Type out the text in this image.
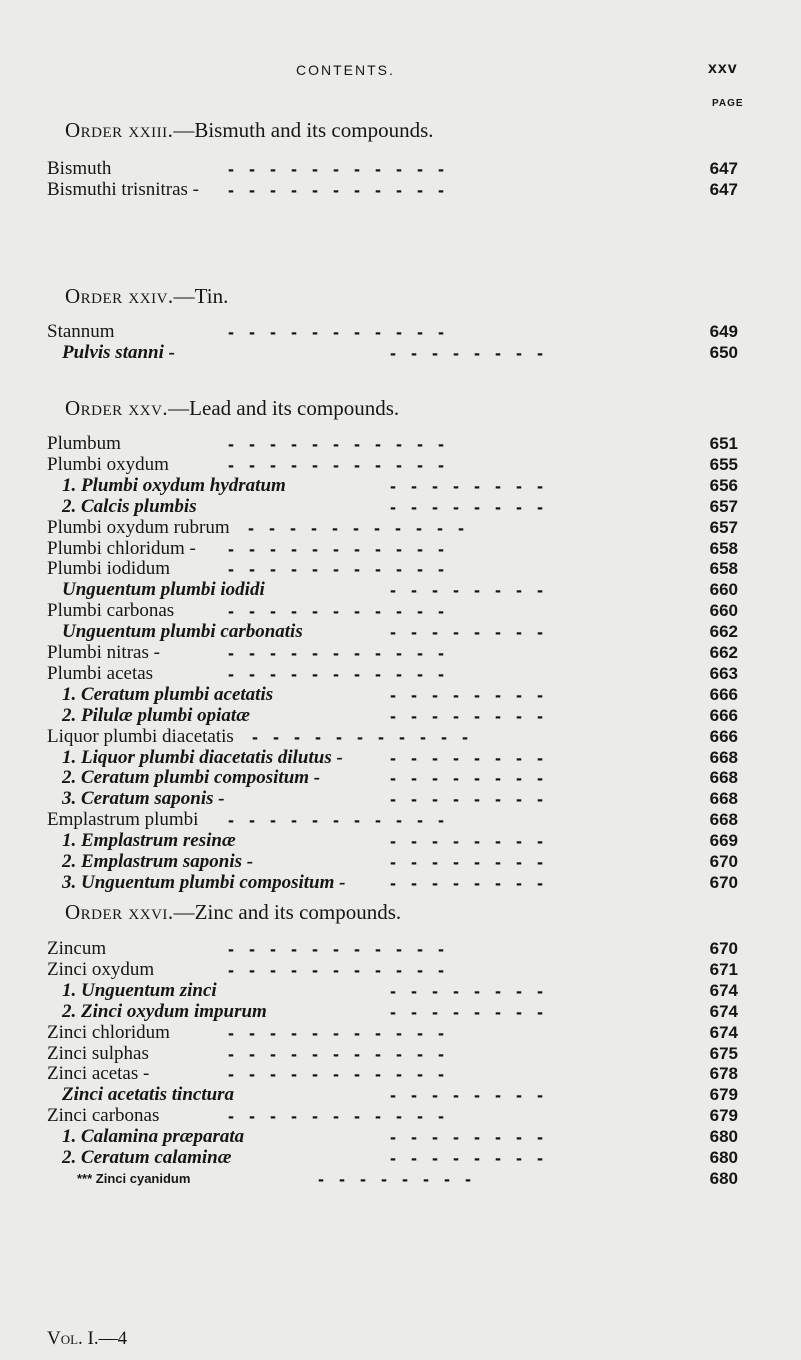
CONTENTS.	xxv
PAGE
Order xxiii.—Bismuth and its compounds.
Bismuth	-   -   -   -   -   -   -   -   -   -   -	647
Bismuthi trisnitras - -   -   -   -   -   -   -   -   -   -   -	647
Order xxiv.—Tin.
Stannum	-   -   -   -   -   -   -   -   -   -   -	649
Pulvis stanni -	-   -   -   -   -   -   -   -	650
Order xxv.—Lead and its compounds.
Plumbum	-   -   -   -   -   -   -   -   -   -   -	651
Plumbi oxydum	-   -   -   -   -   -   -   -   -   -   -	655
1. Plumbi oxydum hydratum	-   -   -   -   -   -   -   -	656
2. Calcis plumbis	-   -   -   -   -   -   -   -	657
Plumbi oxydum rubrum -   -   -   -   -   -   -   -   -   -   -	657
Plumbi chloridum - -   -   -   -   -   -   -   -   -   -   -	658
Plumbi iodidum	-   -   -   -   -   -   -   -   -   -   -	658
Unguentum plumbi iodidi	-   -   -   -   -   -   -   -	660
Plumbi carbonas	-   -   -   -   -   -   -   -   -   -   -	660
Unguentum plumbi carbonatis	-   -   -   -   -   -   -   -	662
Plumbi nitras -	-   -   -   -   -   -   -   -   -   -   -	662
Plumbi acetas	-   -   -   -   -   -   -   -   -   -   -	663
1. Ceratum plumbi acetatis	-   -   -   -   -   -   -   -	666
2. Pilulæ plumbi opiatæ	-   -   -   -   -   -   -   -	666
Liquor plumbi diacetatis -   -   -   -   -   -   -   -   -   -   -	666
1. Liquor plumbi diacetatis dilutus -	-   -   -   -   -   -   -   -	668
2. Ceratum plumbi compositum -	-   -   -   -   -   -   -   -	668
3. Ceratum saponis -	-   -   -   -   -   -   -   -	668
Emplastrum plumbi -   -   -   -   -   -   -   -   -   -   -	668
1. Emplastrum resinæ	-   -   -   -   -   -   -   -	669
2. Emplastrum saponis -	-   -   -   -   -   -   -   -	670
3. Unguentum plumbi compositum - -   -   -   -   -   -   -   -	670
Order xxvi.—Zinc and its compounds.
Zincum	-   -   -   -   -   -   -   -   -   -   -	670
Zinci oxydum	-   -   -   -   -   -   -   -   -   -   -	671
1. Unguentum zinci	-   -   -   -   -   -   -   -	674
2. Zinci oxydum impurum	-   -   -   -   -   -   -   -	674
Zinci chloridum	-   -   -   -   -   -   -   -   -   -   -	674
Zinci sulphas	-   -   -   -   -   -   -   -   -   -   -	675
Zinci acetas -	-   -   -   -   -   -   -   -   -   -   -	678
Zinci acetatis tinctura	-   -   -   -   -   -   -   -	679
Zinci carbonas	-   -   -   -   -   -   -   -   -   -   -	679
1. Calamina præparata	-   -   -   -   -   -   -   -	680
2. Ceratum calaminæ	-   -   -   -   -   -   -   -	680
*** Zinci cyanidum	-   -   -   -   -   -   -   -	680
Vol. I.—4
